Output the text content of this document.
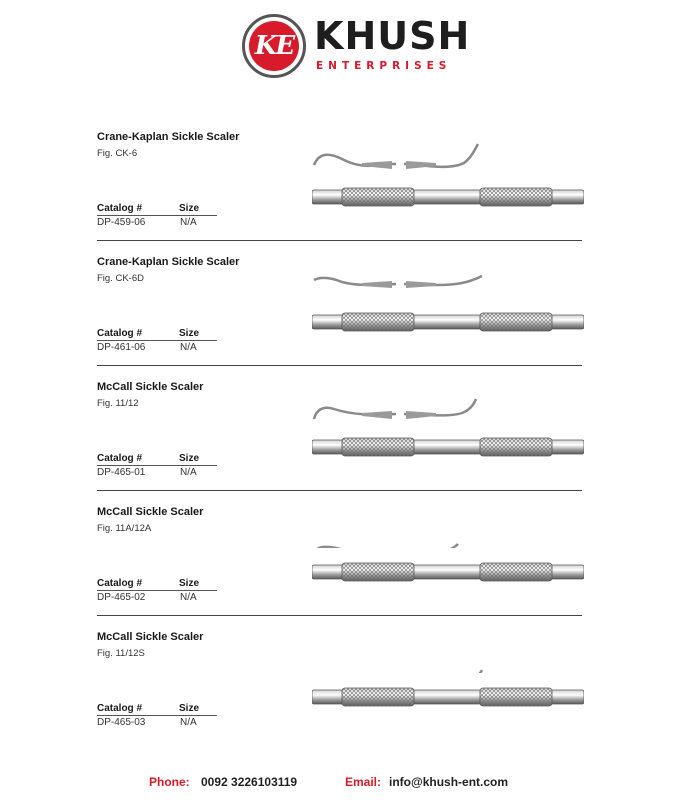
KE KHUSH
ENTERPRISES
Crane-Kaplan Sickle Scaler
Fig. CK-6
Catalog #	Size
DP-459-06	N/A
Crane-Kaplan Sickle Scaler
Fig. CK-6D
Catalog #	Size
DP-461-06	N/A
McCall Sickle Scaler
Fig. 11/12
Catalog #	Size
DP-465-01	N/A
McCall Sickle Scaler
Fig. 11A/12A
Catalog #	Size
DP-465-02	N/A
McCall Sickle Scaler
Fig. 11/12S
Catalog #	Size
DP-465-03	N/A
Phone: 0092 3226103119	Email: info@khush-ent.com
